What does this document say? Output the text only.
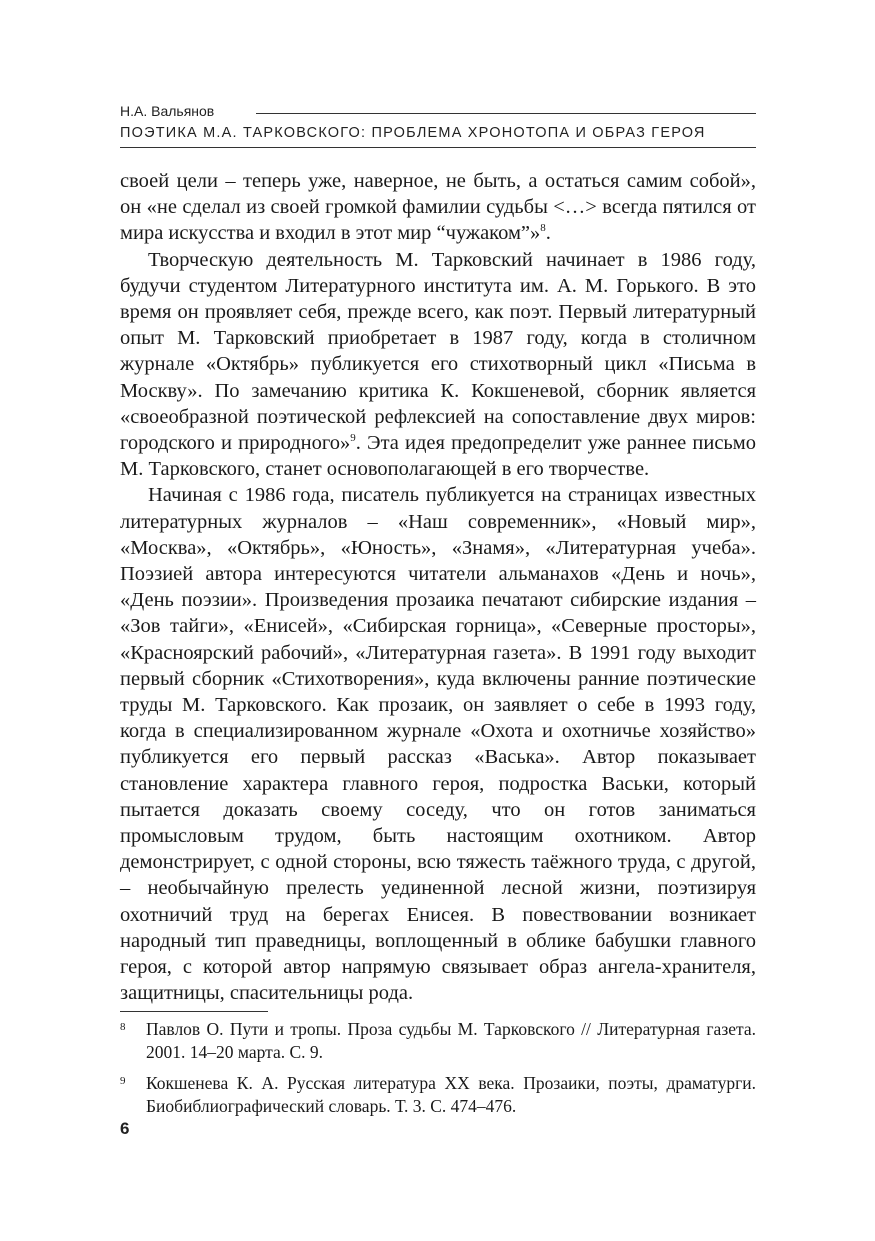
Н.А. Вальянов
ПОЭТИКА М.А. ТАРКОВСКОГО: ПРОБЛЕМА ХРОНОТОПА И ОБРАЗ ГЕРОЯ

своей цели – теперь уже, наверное, не быть, а остаться самим собой», он «не сделал из своей громкой фамилии судьбы <…> всегда пятился от мира искусства и входил в этот мир “чужаком”»$^8$.

Творческую деятельность М. Тарковский начинает в 1986 году, будучи студентом Литературного института им. А. М. Горького. В это время он проявляет себя, прежде всего, как поэт. Первый литературный опыт М. Тарковский приобретает в 1987 году, когда в столичном журнале «Октябрь» публикуется его стихотворный цикл «Письма в Москву». По замечанию критика К. Кокшеневой, сборник является «своеобразной поэтической рефлексией на сопоставление двух миров: городского и природного»$^9$. Эта идея предопределит уже раннее письмо М. Тарковского, станет основополагающей в его творчестве.

Начиная с 1986 года, писатель публикуется на страницах известных литературных журналов – «Наш современник», «Новый мир», «Москва», «Октябрь», «Юность», «Знамя», «Литературная учеба». Поэзией автора интересуются читатели альманахов «День и ночь», «День поэзии». Произведения прозаика печатают сибирские издания – «Зов тайги», «Енисей», «Сибирская горница», «Северные просторы», «Красноярский рабочий», «Литературная газета». В 1991 году выходит первый сборник «Стихотворения», куда включены ранние поэтические труды М. Тарковского. Как прозаик, он заявляет о себе в 1993 году, когда в специализированном журнале «Охота и охотничье хозяйство» публикуется его первый рассказ «Васька». Автор показывает становление характера главного героя, подростка Васьки, который пытается доказать своему соседу, что он готов заниматься промысловым трудом, быть настоящим охотником. Автор демонстрирует, с одной стороны, всю тяжесть таёжного труда, с другой, – необычайную прелесть уединенной лесной жизни, поэтизируя охотничий труд на берегах Енисея. В повествовании возникает народный тип праведницы, воплощенный в облике бабушки главного героя, с которой автор напрямую связывает образ ангела-хранителя, защитницы, спасительницы рода.

8 Павлов О. Пути и тропы. Проза судьбы М. Тарковского // Литературная газета. 2001. 14–20 марта. С. 9.
9 Кокшенева К. А. Русская литература XX века. Прозаики, поэты, драматурги. Биобиблиографический словарь. Т. 3. С. 474–476.
6
